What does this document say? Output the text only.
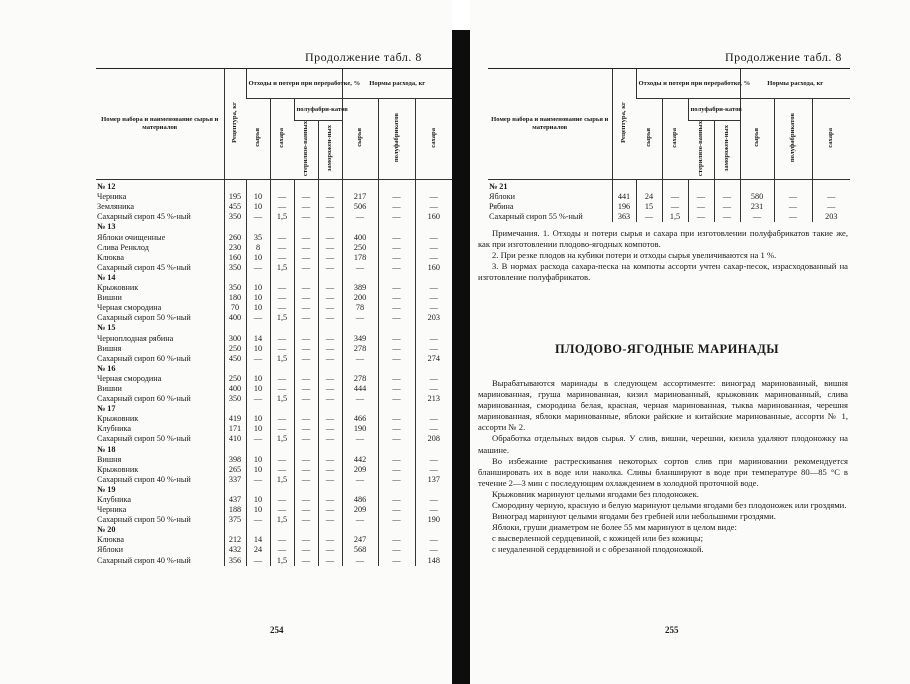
Продолжение табл. 8
Номер набора и наименование сырья и материалов	Рецептура, кг	Отходы и потери при переработке, %				Нормы расхода, кг		
		сырья	сахара	полуфабри-катов		сырья	полуфабрикатов	сахара
				стерилизо-ванных	заморожен-ных			
№ 12								
Черника	195	10	—	—	—	217	—	—
Земляника	455	10	—	—	—	506	—	—
Сахарный сироп 45 %-ный	350	—	1,5	—	—	—	—	160
№ 13								
Яблоки очищенные	260	35	—	—	—	400	—	—
Слива Ренклод	230	8	—	—	—	250	—	—
Клюква	160	10	—	—	—	178	—	—
Сахарный сироп 45 %-ный	350	—	1,5	—	—	—	—	160
№ 14								
Крыжовник	350	10	—	—	—	389	—	—
Вишни	180	10	—	—	—	200	—	—
Черная смородина	70	10	—	—	—	78	—	—
Сахарный сироп 50 %-ный	400	—	1,5	—	—	—	—	203
№ 15								
Черноплодная рябина	300	14	—	—	—	349	—	—
Вишня	250	10	—	—	—	278	—	—
Сахарный сироп 60 %-ный	450	—	1,5	—	—	—	—	274
№ 16								
Черная смородина	250	10	—	—	—	278	—	—
Вишни	400	10	—	—	—	444	—	—
Сахарный сироп 60 %-ный	350	—	1,5	—	—	—	—	213
№ 17								
Крыжовник	419	10	—	—	—	466	—	—
Клубника	171	10	—	—	—	190	—	—
Сахарный сироп 50 %-ный	410	—	1,5	—	—	—	—	208
№ 18								
Вишня	398	10	—	—	—	442	—	—
Крыжовник	265	10	—	—	—	209	—	—
Сахарный сироп 40 %-ный	337	—	1,5	—	—	—	—	137
№ 19								
Клубника	437	10	—	—	—	486	—	—
Черника	188	10	—	—	—	209	—	—
Сахарный сироп 50 %-ный	375	—	1,5	—	—	—	—	190
№ 20								
Клюква	212	14	—	—	—	247	—	—
Яблоки	432	24	—	—	—	568	—	—
Сахарный сироп 40 %-ный	356	—	1,5	—	—	—	—	148
254
Продолжение табл. 8
Номер набора и наименование сырья и материалов	Рецептура, кг	Отходы и потери при переработке, %				Нормы расхода, кг		
		сырья	сахара	полуфабри-катов		сырья	полуфабрикатов	сахара
				стерилизо-ванных	заморожен-ных			
№ 21								
Яблоки	441	24	—	—	—	580	—	—
Рябина	196	15	—	—	—	231	—	—
Сахарный сироп 55 %-ный	363	—	1,5	—	—	—	—	203

Примечания. 1. Отходы и потери сырья и сахара при изготовлении полуфабрикатов такие же, как при изготовлении плодово-ягодных компотов.

2. При резке плодов на кубики потери и отходы сырья увеличиваются на 1 %.

3. В нормах расхода сахара-песка на компоты ассорти учтен сахар-песок, израсходованный на изготовление полуфабрикатов.

ПЛОДОВО-ЯГОДНЫЕ МАРИНАДЫ

Вырабатываются маринады в следующем ассортименте: виноград маринованный, вишня маринованная, груша маринованная, кизил маринованный, крыжовник маринованный, слива маринованная, смородина белая, красная, черная маринованная, тыква маринованная, черешня маринованная, яблоки маринованные, яблоки райские и китайские маринованные, ассорти № 1, ассорти № 2.

Обработка отдельных видов сырья. У слив, вишни, черешни, кизила удаляют плодоножку на машине.

Во избежание растрескивания некоторых сортов слив при мариновании рекомендуется бланшировать их в воде или наколка. Сливы бланшируют в воде при температуре 80—85 °С в течение 2—3 мин с последующим охлаждением в холодной проточной воде.

Крыжовник маринуют целыми ягодами без плодоножек.

Смородину черную, красную и белую маринуют целыми ягодами без плодоножек или гроздями.

Виноград маринуют целыми ягодами без гребней или небольшими гроздями.

Яблоки, груши диаметром не более 55 мм маринуют в целом виде:

с высверленной сердцевиной, с кожицей или без кожицы;

с неудаленной сердцевиной и с обрезанной плодоножкой.

255
